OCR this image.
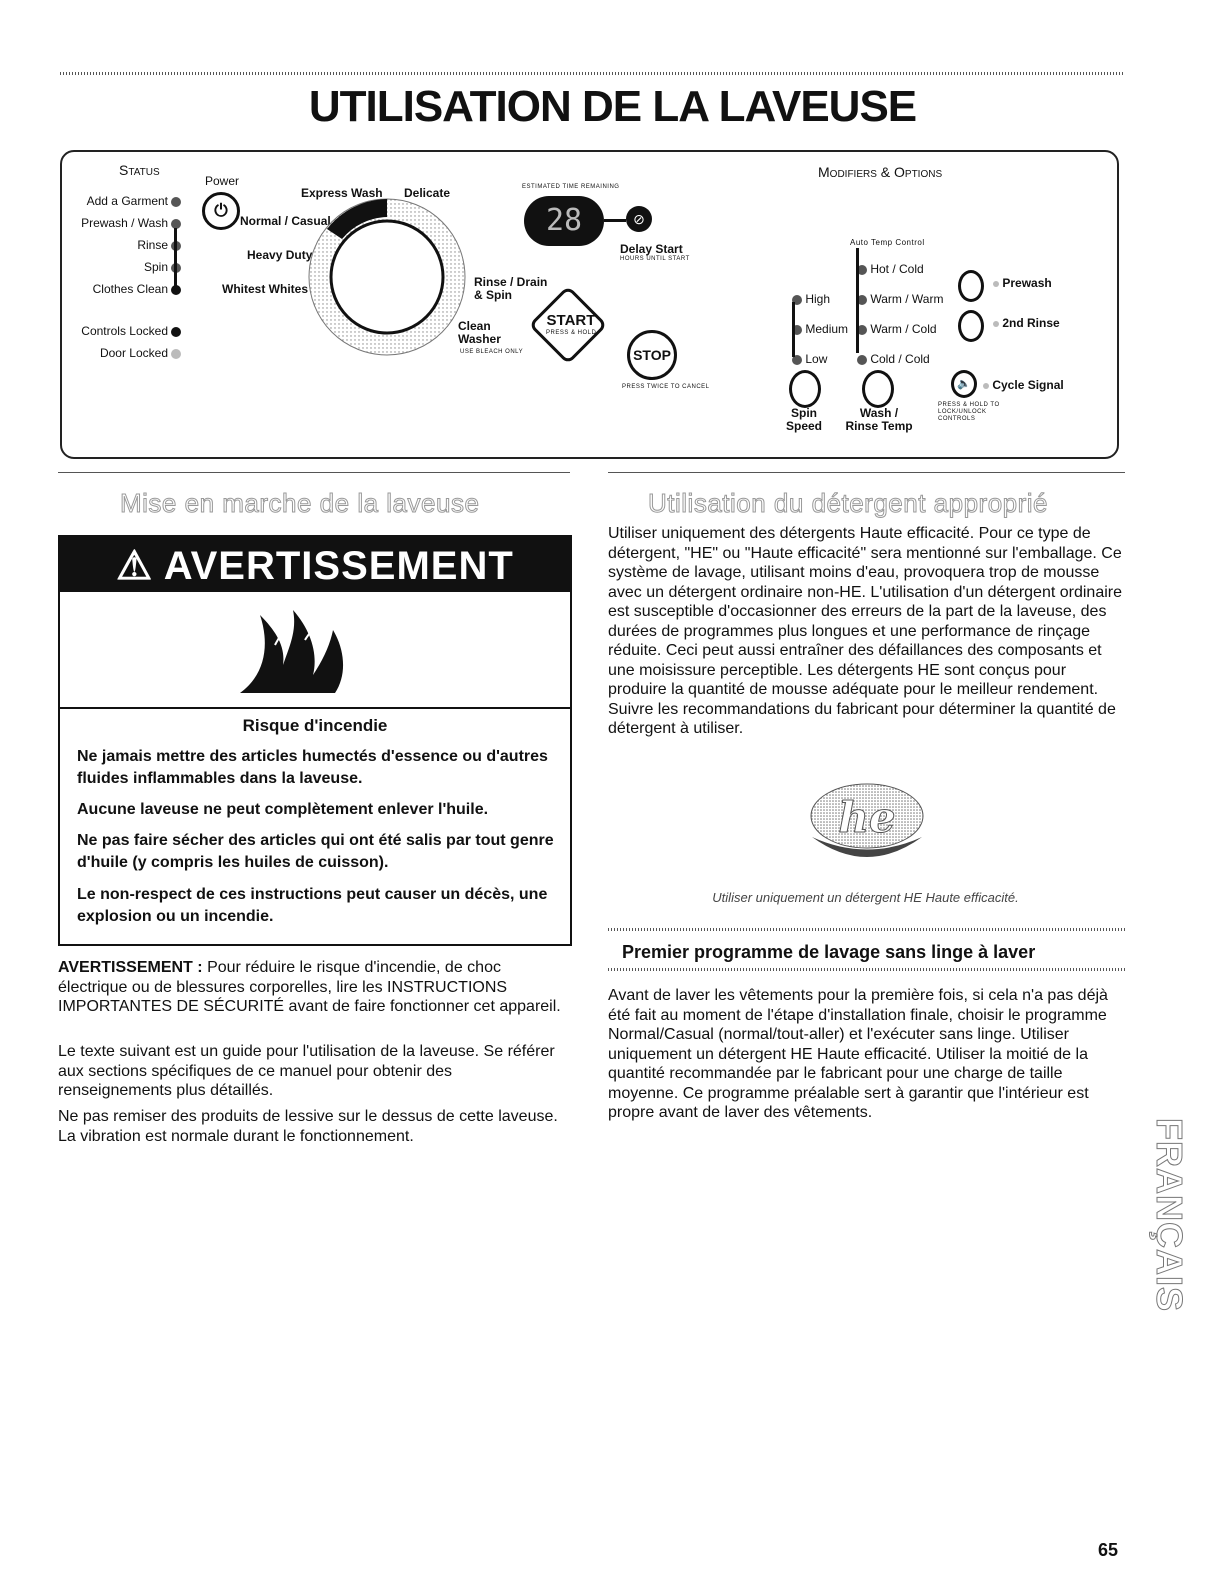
UTILISATION DE LA LAVEUSE
Status
Add a Garment
Prewash / Wash
Rinse
Spin
Clothes Clean
Controls Locked
Door Locked
Power
⏻
Express Wash Delicate
Normal / Casual
Heavy Duty
Whitest Whites	Rinse / Drain & Spin
Clean Washer
USE BLEACH ONLY
ESTIMATED TIME REMAINING
28	⊘
Delay Start
HOURS UNTIL START
START
PRESS & HOLD
STOP
PRESS TWICE TO CANCEL
Modifiers & Options
Auto Temp Control
High
Medium
Low
Hot / Cold
Warm / Warm
Warm / Cold
Cold / Cold
Spin Speed
Wash / Rinse Temp
Prewash
2nd Rinse
🔈	Cycle Signal
PRESS & HOLD TO LOCK/UNLOCK CONTROLS
Mise en marche de la laveuse
⚠ AVERTISSEMENT
Risque d'incendie
Ne jamais mettre des articles humectés d'essence ou d'autres fluides inflammables dans la laveuse.
Aucune laveuse ne peut complètement enlever l'huile.
Ne pas faire sécher des articles qui ont été salis par tout genre d'huile (y compris les huiles de cuisson).
Le non-respect de ces instructions peut causer un décès, une explosion ou un incendie.
AVERTISSEMENT : Pour réduire le risque d'incendie, de choc électrique ou de blessures corporelles, lire les INSTRUCTIONS IMPORTANTES DE SÉCURITÉ avant de faire fonctionner cet appareil.
Le texte suivant est un guide pour l'utilisation de la laveuse. Se référer aux sections spécifiques de ce manuel pour obtenir des renseignements plus détaillés.
Ne pas remiser des produits de lessive sur le dessus de cette laveuse. La vibration est normale durant le fonctionnement.
Utilisation du détergent approprié
Utiliser uniquement des détergents Haute efficacité. Pour ce type de détergent, "HE" ou "Haute efficacité" sera mentionné sur l'emballage. Ce système de lavage, utilisant moins d'eau, provoquera trop de mousse avec un détergent ordinaire non-HE. L'utilisation d'un détergent ordinaire est susceptible d'occasionner des erreurs de la part de la laveuse, des durées de programmes plus longues et une performance de rinçage réduite. Ceci peut aussi entraîner des défaillances des composants et une moisissure perceptible. Les détergents HE sont conçus pour produire la quantité de mousse adéquate pour le meilleur rendement. Suivre les recommandations du fabricant pour déterminer la quantité de détergent à utiliser.
he
Utiliser uniquement un détergent HE Haute efficacité.
Premier programme de lavage sans linge à laver
Avant de laver les vêtements pour la première fois, si cela n'a pas déjà été fait au moment de l'étape d'installation finale, choisir le programme Normal/Casual (normal/tout-aller) et l'exécuter sans linge. Utiliser uniquement un détergent HE Haute efficacité. Utiliser la moitié de la quantité recommandée par le fabricant pour une charge de taille moyenne. Ce programme préalable sert à garantir que l'intérieur est propre avant de laver des vêtements.
FRANÇAIS
65
